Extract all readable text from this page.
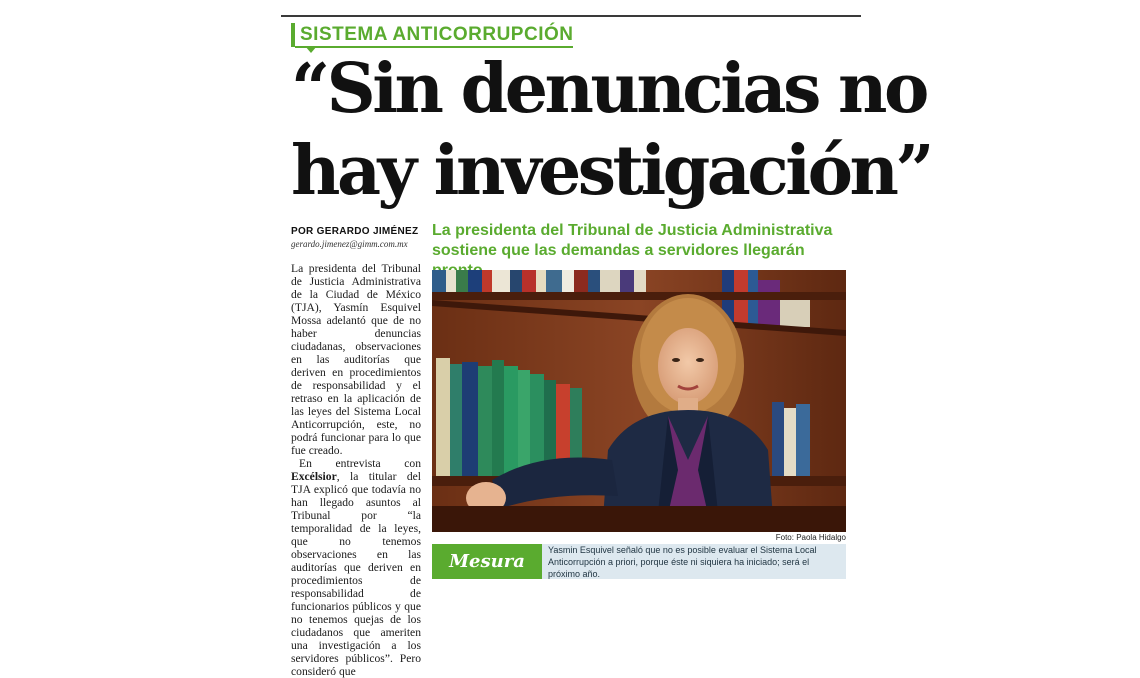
SISTEMA ANTICORRUPCIÓN
“Sin denuncias no
hay investigación”
POR GERARDO JIMÉNEZ
gerardo.jimenez@gimm.com.mx
La presidenta del Tribunal de Justicia Administrativa sostiene que las demandas a servidores llegarán

La presidenta del Tribunal de Justicia Administrativa de la Ciudad de México (TJA), Yasmín Esquivel Mossa adelantó que de no haber denuncias ciudadanas, observaciones en las auditorías que deriven en procedimientos de responsabilidad y el retraso en la aplicación de las leyes del Sistema Local Anticorrupción, este, no podrá funcionar para lo que fue creado.

En entrevista con Excélsior, la titular del TJA explicó que todavía no han llegado asuntos al Tribunal por “la temporalidad de la leyes, que no tenemos observaciones en las auditorías que deriven en procedimientos de responsabilidad de funcionarios públicos y que no tenemos quejas de los ciudadanos que ameriten una investigación a los servidores públicos”. Pero consideró que

Foto: Paola Hidalgo
Mesura
Yasmin Esquivel señaló que no es posible evaluar el Sistema Local Anticorrupción a priori, porque éste ni siquiera ha iniciado; será el próximo año.
